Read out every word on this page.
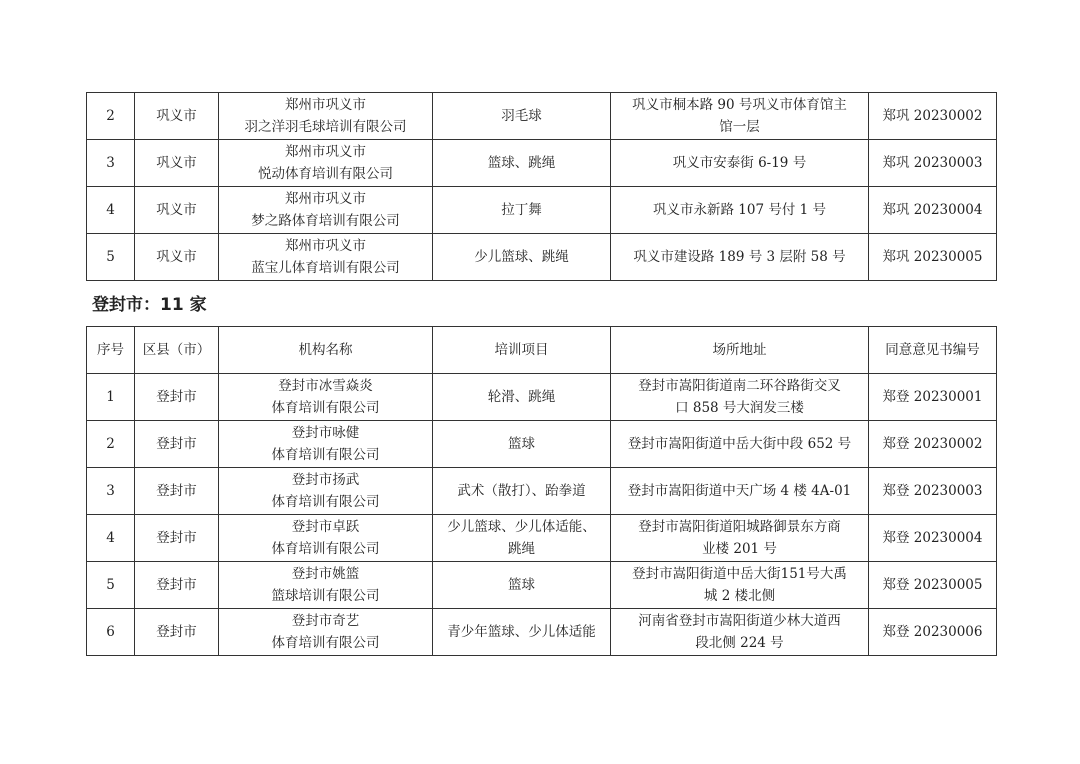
2	巩义市	郑州市巩义市
羽之洋羽毛球培训有限公司	羽毛球	巩义市桐本路 90 号巩义市体育馆主
馆一层	郑巩 20230002
3	巩义市	郑州市巩义市
悦动体育培训有限公司	篮球、跳绳	巩义市安泰街 6-19 号	郑巩 20230003
4	巩义市	郑州市巩义市
梦之路体育培训有限公司	拉丁舞	巩义市永新路 107 号付 1 号	郑巩 20230004
5	巩义市	郑州市巩义市
蓝宝儿体育培训有限公司	少儿篮球、跳绳	巩义市建设路 189 号 3 层附 58 号	郑巩 20230005
登封市：11 家
序号	区县（市）	机构名称	培训项目	场所地址	同意意见书编号
1	登封市	登封市冰雪焱炎
体育培训有限公司	轮滑、跳绳	登封市嵩阳街道南二环谷路街交叉
口 858 号大润发三楼	郑登 20230001
2	登封市	登封市咏健
体育培训有限公司	篮球	登封市嵩阳街道中岳大街中段 652 号	郑登 20230002
3	登封市	登封市扬武
体育培训有限公司	武术（散打）、跆拳道	登封市嵩阳街道中天广场 4 楼 4A-01	郑登 20230003
4	登封市	登封市卓跃
体育培训有限公司	少儿篮球、少儿体适能、
跳绳	登封市嵩阳街道阳城路御景东方商
业楼 201 号	郑登 20230004
5	登封市	登封市姚篮
篮球培训有限公司	篮球	登封市嵩阳街道中岳大街151号大禹
城 2 楼北侧	郑登 20230005
6	登封市	登封市奇艺
体育培训有限公司	青少年篮球、少儿体适能	河南省登封市嵩阳街道少林大道西
段北侧 224 号	郑登 20230006
